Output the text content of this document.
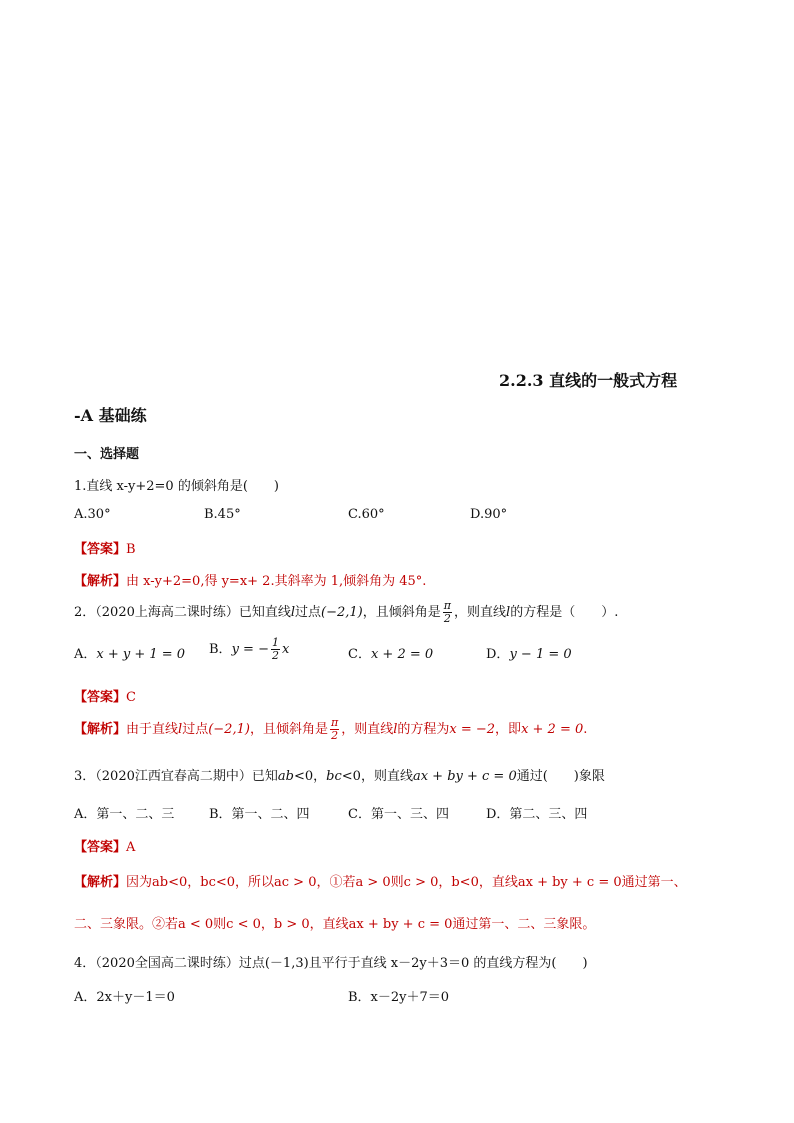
2.2.3 直线的一般式方程
-A 基础练
一、选择题
1.直线 x-y+2=0 的倾斜角是(　　)
A.30°	B.45°	C.60°	D.90°
【答案】B
【解析】由 x-y+2=0,得 y=x+ 2.其斜率为 1,倾斜角为 45°.
2．（2020上海高二课时练）已知直线l过点(−2,1)，且倾斜角是 $\frac{\pi}{2}$ ，则直线l的方程是（　　）.
A．x + y + 1 = 0 B．y = − $\frac{1}{2}$ x	C．x + 2 = 0	D．y − 1 = 0
【答案】C
【解析】由于直线l过点(−2,1)，且倾斜角是 $\frac{\pi}{2}$ ，则直线l的方程为x = −2，即x + 2 = 0.
3．（2020江西宜春高二期中）已知ab<0，bc<0，则直线ax + by + c = 0通过(　　)象限
A．第一、二、三	B．第一、二、四	C．第一、三、四	D．第二、三、四
【答案】A
【解析】因为ab<0，bc<0，所以ac > 0，①若a > 0则c > 0，b<0，直线ax + by + c = 0通过第一、
二、三象限。②若a < 0则c < 0，b > 0，直线ax + by + c = 0通过第一、二、三象限。
4．（2020全国高二课时练）过点(－1,3)且平行于直线 x－2y＋3＝0 的直线方程为(　　)
A．2x＋y－1＝0	B．x－2y＋7＝0
